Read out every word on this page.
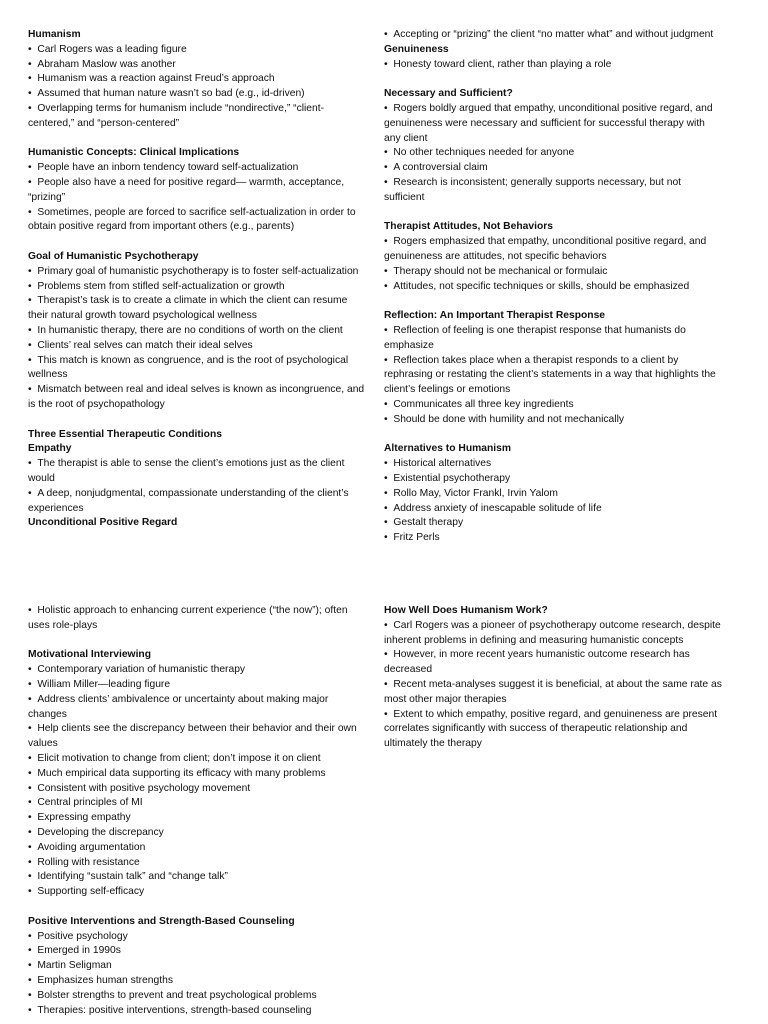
Humanism
•  Carl Rogers was a leading figure
•  Abraham Maslow was another
•  Humanism was a reaction against Freud’s approach
•  Assumed that human nature wasn’t so bad (e.g., id-driven)
•  Overlapping terms for humanism include “nondirective,” “client-centered,” and “person-centered”
Humanistic Concepts: Clinical Implications
•  People have an inborn tendency toward self-actualization
•  People also have a need for positive regard— warmth, acceptance, “prizing”
•  Sometimes, people are forced to sacrifice self-actualization in order to obtain positive regard from important others (e.g., parents)
Goal of Humanistic Psychotherapy
•  Primary goal of humanistic psychotherapy is to foster self-actualization
•  Problems stem from stifled self-actualization or growth
•  Therapist’s task is to create a climate in which the client can resume their natural growth toward psychological wellness
•  In humanistic therapy, there are no conditions of worth on the client
•  Clients’ real selves can match their ideal selves
•  This match is known as congruence, and is the root of psychological wellness
•  Mismatch between real and ideal selves is known as incongruence, and is the root of psychopathology
Three Essential Therapeutic Conditions
Empathy
•  The therapist is able to sense the client’s emotions just as the client would
•  A deep, nonjudgmental, compassionate understanding of the client’s experiences
Unconditional Positive Regard
•  Accepting or “prizing” the client “no matter what” and without judgment
Genuineness
•  Honesty toward client, rather than playing a role
Necessary and Sufficient?
•  Rogers boldly argued that empathy, unconditional positive regard, and genuineness were necessary and sufficient for successful therapy with any client
•  No other techniques needed for anyone
•  A controversial claim
•  Research is inconsistent; generally supports necessary, but not sufficient
Therapist Attitudes, Not Behaviors
•  Rogers emphasized that empathy, unconditional positive regard, and genuineness are attitudes, not specific behaviors
•  Therapy should not be mechanical or formulaic
•  Attitudes, not specific techniques or skills, should be emphasized
Reflection: An Important Therapist Response
•  Reflection of feeling is one therapist response that humanists do emphasize
•  Reflection takes place when a therapist responds to a client by rephrasing or restating the client’s statements in a way that highlights the client’s feelings or emotions
•  Communicates all three key ingredients
•  Should be done with humility and not mechanically
Alternatives to Humanism
•  Historical alternatives
•  Existential psychotherapy
•  Rollo May, Victor Frankl, Irvin Yalom
•  Address anxiety of inescapable solitude of life
•  Gestalt therapy
•  Fritz Perls
•  Holistic approach to enhancing current experience (“the now”); often uses role-plays
Motivational Interviewing
•  Contemporary variation of humanistic therapy
•  William Miller—leading figure
•  Address clients’ ambivalence or uncertainty about making major changes
•  Help clients see the discrepancy between their behavior and their own values
•  Elicit motivation to change from client; don’t impose it on client
•  Much empirical data supporting its efficacy with many problems
•  Consistent with positive psychology movement
•  Central principles of MI
•  Expressing empathy
•  Developing the discrepancy
•  Avoiding argumentation
•  Rolling with resistance
•  Identifying “sustain talk” and “change talk”
•  Supporting self-efficacy
Positive Interventions and Strength-Based Counseling
•  Positive psychology
•  Emerged in 1990s
•  Martin Seligman
•  Emphasizes human strengths
•  Bolster strengths to prevent and treat psychological problems
•  Therapies: positive interventions, strength-based counseling
How Well Does Humanism Work?
•  Carl Rogers was a pioneer of psychotherapy outcome research, despite inherent problems in defining and measuring humanistic concepts
•  However, in more recent years humanistic outcome research has decreased
•  Recent meta-analyses suggest it is beneficial, at about the same rate as most other major therapies
•  Extent to which empathy, positive regard, and genuineness are present correlates significantly with success of therapeutic relationship and ultimately the therapy
